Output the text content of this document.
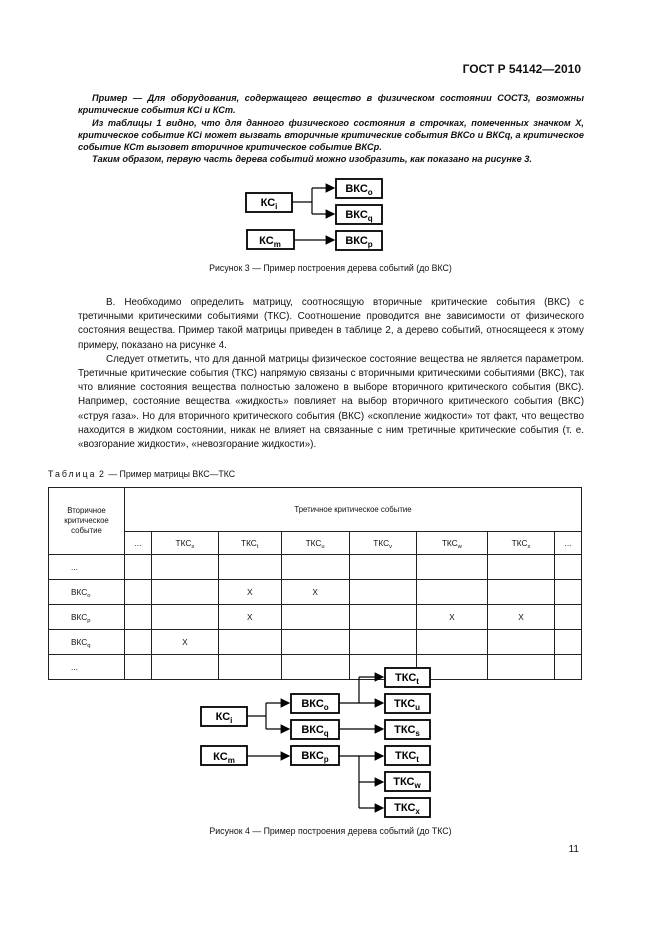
ГОСТ Р 54142—2010

Пример — Для оборудования, содержащего вещество в физическом состоянии СОСТ3, возможны критические события КСi и КСm.

Из таблицы 1 видно, что для данного физического состояния в строчках, помеченных значком Х, критическое событие КСi может вызвать вторичные критические события ВКСo и ВКСq, а критическое событие КСm вызовет вторичное критическое событие ВКСp.

Таким образом, первую часть дерева событий можно изобразить, как показано на рисунке 3.

$КС_i$
$КС_m$
$ВКС_o$
$ВКС_q$
$ВКС_p$
Рисунок 3 — Пример построения дерева событий (до ВКС)

В. Необходимо определить матрицу, соотносящую вторичные критические события (ВКС) с третичными критическими событиями (ТКС). Соотношение проводится вне зависимости от физического состояния вещества. Пример такой матрицы приведен в таблице 2, а дерево событий, относящееся к этому примеру, показано на рисунке 4.

Следует отметить, что для данной матрицы физическое состояние вещества не является параметром. Третичные критические события (ТКС) напрямую связаны с вторичными критическими событиями (ВКС), так что влияние состояния вещества полностью заложено в выборе вторичного критического события (ВКС). Например, состояние вещества «жидкость» повлияет на выбор вторичного критического события (ВКС) «струя газа». Но для вторичного критического события (ВКС) «скопление жидкости» тот факт, что вещество находится в жидком состоянии, никак не влияет на связанные с ним третичные критические события (т. е. «возгорание жидкости», «невозгорание жидкости»).

Таблица 2 — Пример матрицы ВКС—ТКС
Вторичное критическое событие	Третичное критическое событие							
	...	$ТКС_s$	$ТКС_t$	$ТКС_u$	$ТКС_v$	$ТКС_w$	$ТКС_x$	...
...								
$ВКС_o$			X	X				
$ВКС_p$			X			X	X	
$ВКС_q$		X						
...								
$КС_i$
$КС_m$
$ВКС_o$
$ВКС_q$
$ВКС_p$
$ТКС_t$
$ТКС_u$
$ТКС_s$
$ТКС_t$
$ТКС_w$
$ТКС_x$
Рисунок 4 — Пример построения дерева событий (до ТКС)
11
